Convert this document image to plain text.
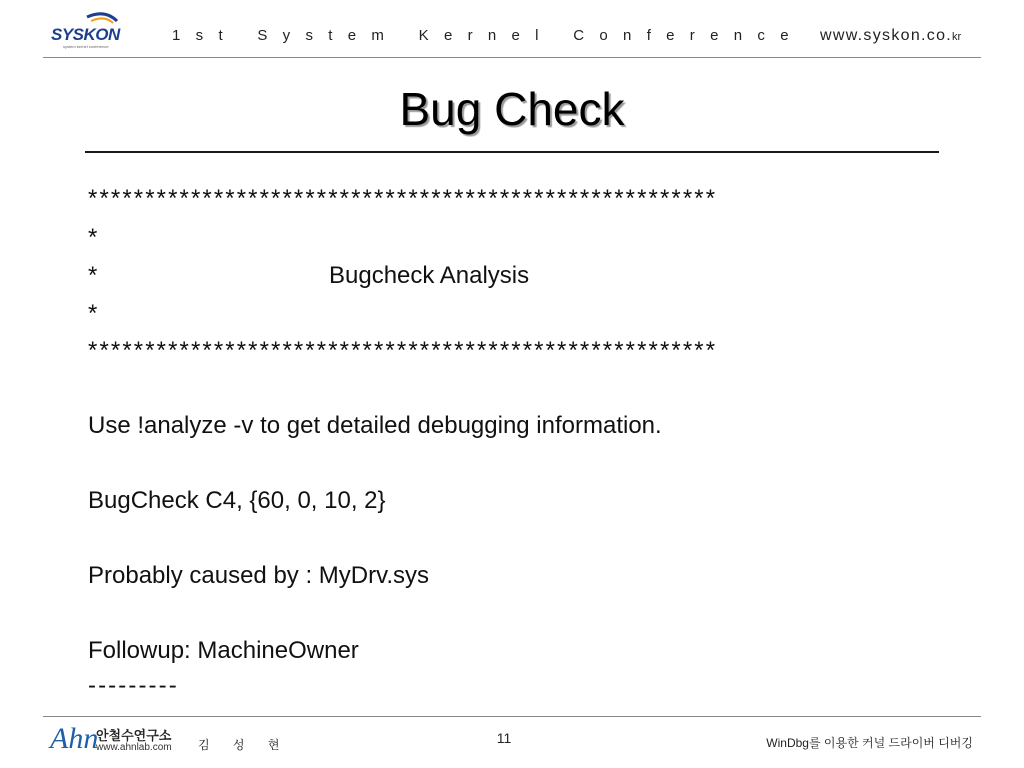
SYSKON
system kernel conference
1st System Kernel Conference www.syskon.co.kr
Bug Check
*******************************************************
*
*	Bugcheck Analysis
*
*******************************************************
Use !analyze -v to get detailed debugging information.
BugCheck C4, {60, 0, 10, 2}
Probably caused by : MyDrv.sys
Followup: MachineOwner
---------
Ahn
안철수연구소
www.ahnlab.com 김 성 현	11	WinDbg를 이용한 커널 드라이버 디버깅
